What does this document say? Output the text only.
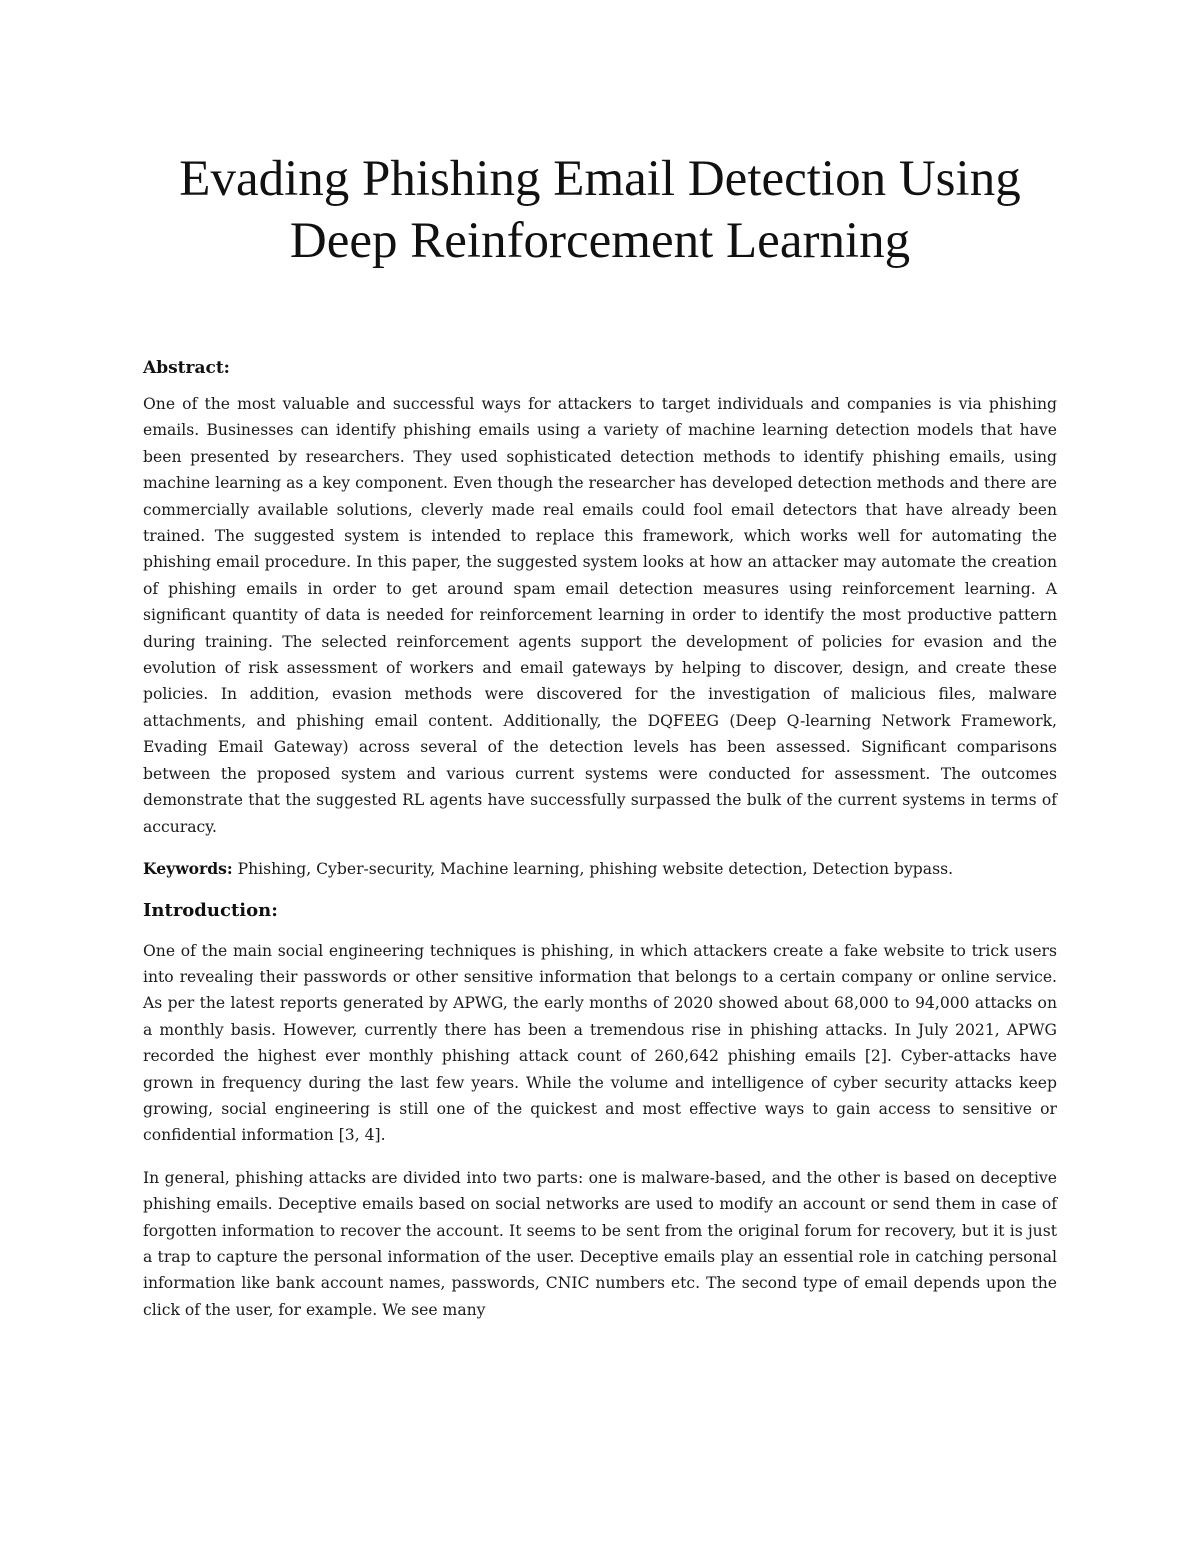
Evading Phishing Email Detection Using
Deep Reinforcement Learning
Abstract:

One of the most valuable and successful ways for attackers to target individuals and companies is via phishing emails. Businesses can identify phishing emails using a variety of machine learning detection models that have been presented by researchers. They used sophisticated detection methods to identify phishing emails, using machine learning as a key component. Even though the researcher has developed detection methods and there are commercially available solutions, cleverly made real emails could fool email detectors that have already been trained. The suggested system is intended to replace this framework, which works well for automating the phishing email procedure. In this paper, the suggested system looks at how an attacker may automate the creation of phishing emails in order to get around spam email detection measures using reinforcement learning. A significant quantity of data is needed for reinforcement learning in order to identify the most productive pattern during training. The selected reinforcement agents support the development of policies for evasion and the evolution of risk assessment of workers and email gateways by helping to discover, design, and create these policies. In addition, evasion methods were discovered for the investigation of malicious files, malware attachments, and phishing email content. Additionally, the DQFEEG (Deep Q-learning Network Framework, Evading Email Gateway) across several of the detection levels has been assessed. Significant comparisons between the proposed system and various current systems were conducted for assessment. The outcomes demonstrate that the suggested RL agents have successfully surpassed the bulk of the current systems in terms of accuracy.

Keywords: Phishing, Cyber-security, Machine learning, phishing website detection, Detection bypass.

Introduction:

One of the main social engineering techniques is phishing, in which attackers create a fake website to trick users into revealing their passwords or other sensitive information that belongs to a certain company or online service. As per the latest reports generated by APWG, the early months of 2020 showed about 68,000 to 94,000 attacks on a monthly basis. However, currently there has been a tremendous rise in phishing attacks. In July 2021, APWG recorded the highest ever monthly phishing attack count of 260,642 phishing emails [2]. Cyber-attacks have grown in frequency during the last few years. While the volume and intelligence of cyber security attacks keep growing, social engineering is still one of the quickest and most effective ways to gain access to sensitive or confidential information [3, 4].

In general, phishing attacks are divided into two parts: one is malware-based, and the other is based on deceptive phishing emails. Deceptive emails based on social networks are used to modify an account or send them in case of forgotten information to recover the account. It seems to be sent from the original forum for recovery, but it is just a trap to capture the personal information of the user. Deceptive emails play an essential role in catching personal information like bank account names, passwords, CNIC numbers etc. The second type of email depends upon the click of the user, for example. We see many
